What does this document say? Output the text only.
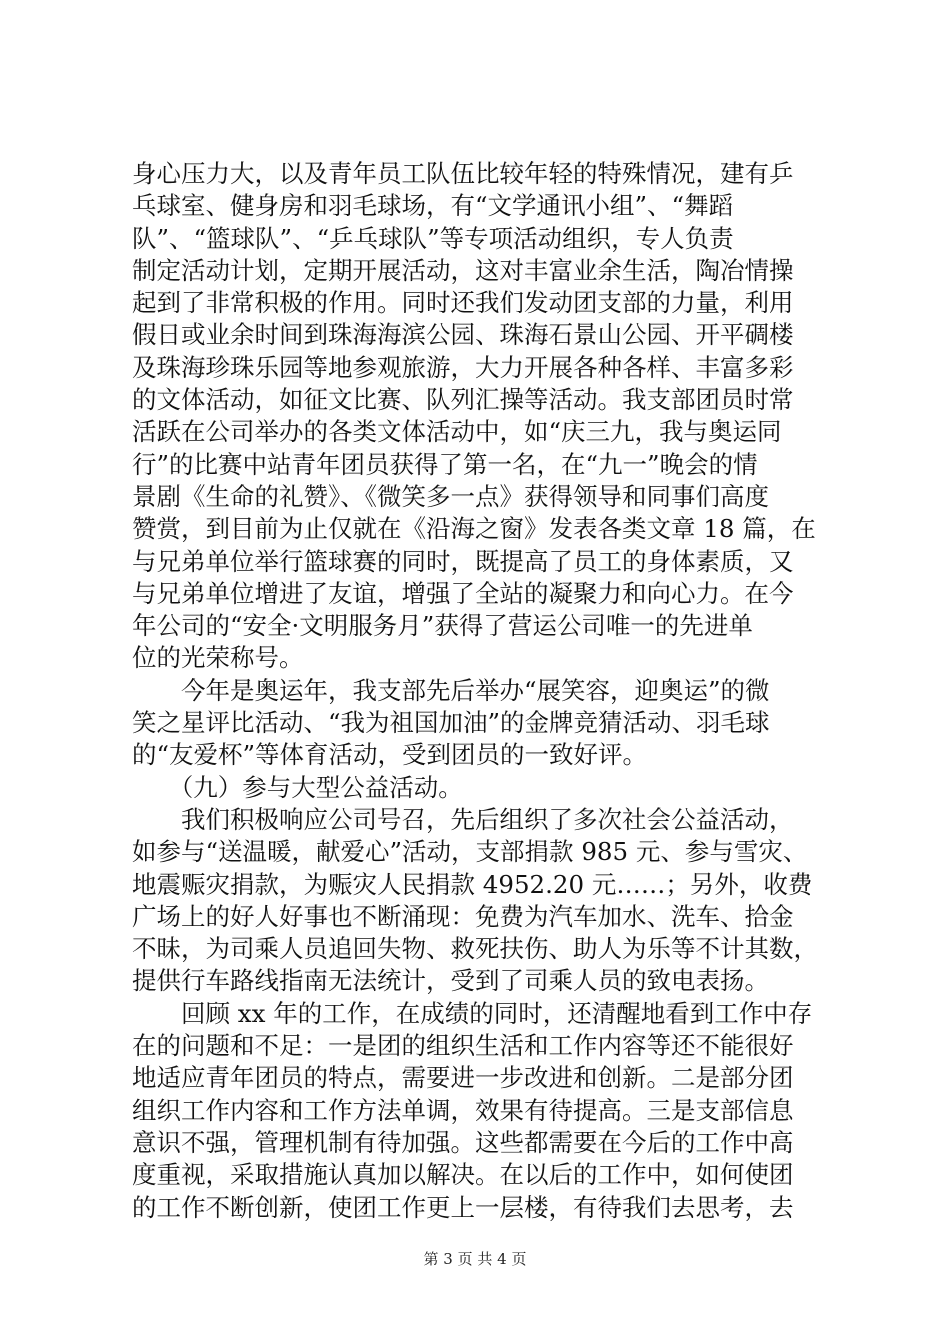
身心压力大，以及青年员工队伍比较年轻的特殊情况，建有乒
乓球室、健身房和羽毛球场，有“文学通讯小组”、“舞蹈
队”、“篮球队”、“乒乓球队”等专项活动组织，专人负责
制定活动计划，定期开展活动，这对丰富业余生活，陶冶情操
起到了非常积极的作用。同时还我们发动团支部的力量，利用
假日或业余时间到珠海海滨公园、珠海石景山公园、开平碉楼
及珠海珍珠乐园等地参观旅游，大力开展各种各样、丰富多彩
的文体活动，如征文比赛、队列汇操等活动。我支部团员时常
活跃在公司举办的各类文体活动中，如“庆三九，我与奥运同
行”的比赛中站青年团员获得了第一名，在“九一”晚会的情
景剧《生命的礼赞》、《微笑多一点》获得领导和同事们高度
赞赏，到目前为止仅就在《沿海之窗》发表各类文章 18 篇，在
与兄弟单位举行篮球赛的同时，既提高了员工的身体素质，又
与兄弟单位增进了友谊，增强了全站的凝聚力和向心力。在今
年公司的“安全·文明服务月”获得了营运公司唯一的先进单
位的光荣称号。
　　今年是奥运年，我支部先后举办“展笑容，迎奥运”的微
笑之星评比活动、“我为祖国加油”的金牌竞猜活动、羽毛球
的“友爱杯”等体育活动，受到团员的一致好评。
　　（九）参与大型公益活动。
　　我们积极响应公司号召，先后组织了多次社会公益活动，
如参与“送温暖，献爱心”活动，支部捐款 985 元、参与雪灾、
地震赈灾捐款，为赈灾人民捐款 4952.20 元……；另外，收费
广场上的好人好事也不断涌现：免费为汽车加水、洗车、拾金
不昧，为司乘人员追回失物、救死扶伤、助人为乐等不计其数，
提供行车路线指南无法统计，受到了司乘人员的致电表扬。
　　回顾 xx 年的工作，在成绩的同时，还清醒地看到工作中存
在的问题和不足：一是团的组织生活和工作内容等还不能很好
地适应青年团员的特点，需要进一步改进和创新。二是部分团
组织工作内容和工作方法单调，效果有待提高。三是支部信息
意识不强，管理机制有待加强。这些都需要在今后的工作中高
度重视，采取措施认真加以解决。在以后的工作中，如何使团
的工作不断创新，使团工作更上一层楼，有待我们去思考，去
第 3 页 共 4 页
